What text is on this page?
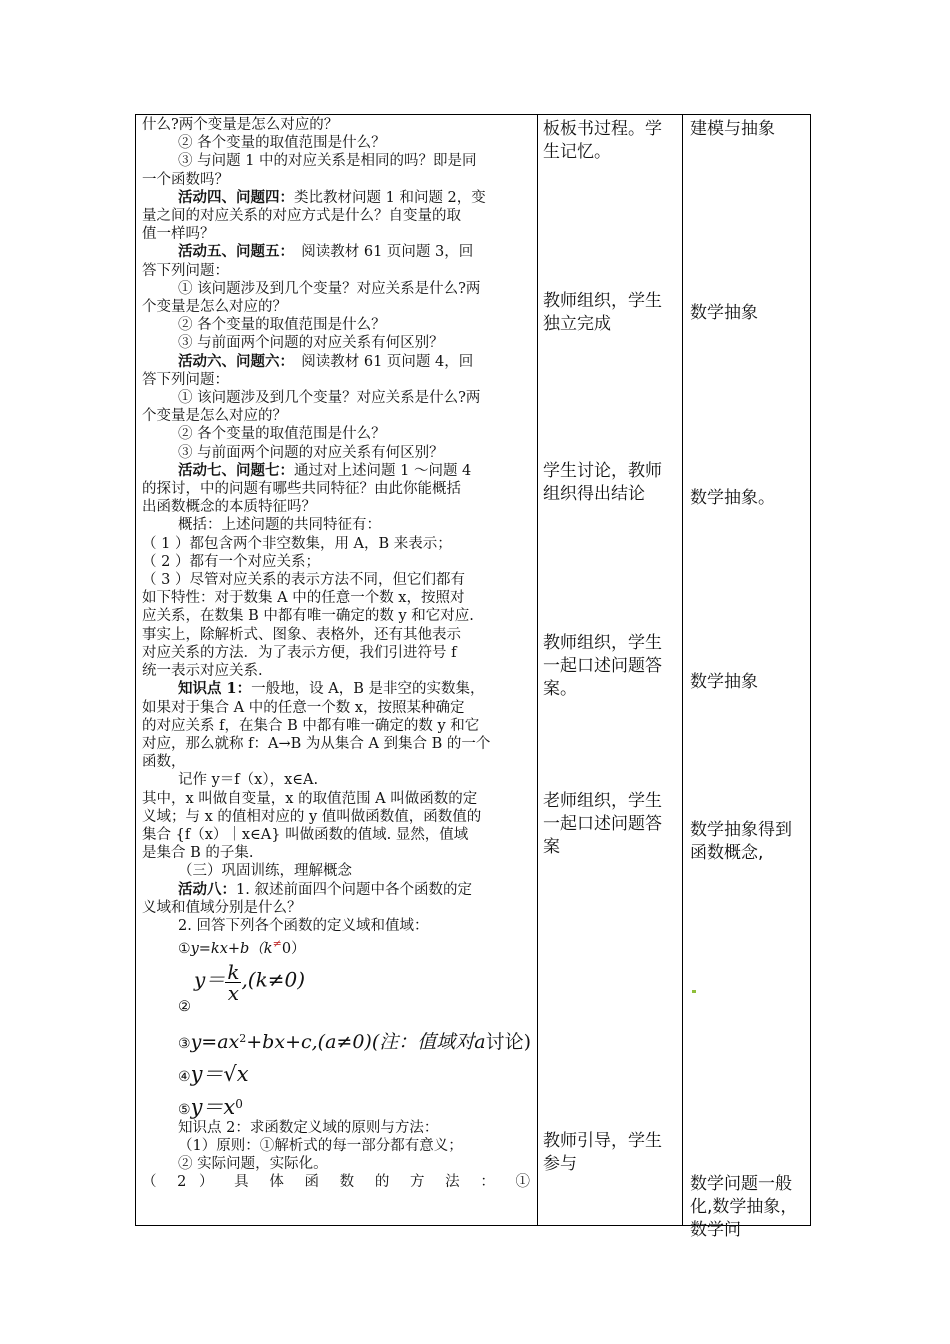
什么?两个变量是怎么对应的？

② 各个变量的取值范围是什么？

③ 与问题 1 中的对应关系是相同的吗？即是同

一个函数吗？

活动四、问题四：类比教材问题 1 和问题 2，变

量之间的对应关系的对应方式是什么？自变量的取

值一样吗？

活动五、问题五：　阅读教材 61 页问题 3，回

答下列问题：

① 该问题涉及到几个变量？对应关系是什么?两

个变量是怎么对应的？

② 各个变量的取值范围是什么？

③ 与前面两个问题的对应关系有何区别？

活动六、问题六：　阅读教材 61 页问题 4，回

答下列问题：

① 该问题涉及到几个变量？对应关系是什么?两

个变量是怎么对应的？

② 各个变量的取值范围是什么？

③ 与前面两个问题的对应关系有何区别？

活动七、问题七：通过对上述问题 1 ～问题 4

的探讨，中的问题有哪些共同特征？由此你能概括

出函数概念的本质特征吗？

概括：上述问题的共同特征有：

（ 1 ）都包含两个非空数集，用 A，B 来表示；

（ 2 ）都有一个对应关系；

（ 3 ）尽管对应关系的表示方法不同，但它们都有

如下特性：对于数集 A 中的任意一个数 x，按照对

应关系，在数集 B 中都有唯一确定的数 y 和它对应.

事实上，除解析式、图象、表格外，还有其他表示

对应关系的方法．为了表示方便，我们引进符号 f

统一表示对应关系.

知识点 1：一般地，设 A，B 是非空的实数集，

如果对于集合 A 中的任意一个数 x，按照某种确定

的对应关系 f，在集合 B 中都有唯一确定的数 y 和它

对应，那么就称 f：A→B 为从集合 A 到集合 B 的一个

函数，

记作 y＝f（x），x∈A.

其中，x 叫做自变量，x 的取值范围 A 叫做函数的定

义域；与 x 的值相对应的 y 值叫做函数值，函数值的

集合 {f（x）｜x∈A} 叫做函数的值域. 显然，值域

是集合 B 的子集.

（三）巩固训练，理解概念

活动八：1. 叙述前面四个问题中各个函数的定

义域和值域分别是什么？

2. 回答下列各个函数的定义域和值域：

①y=kx+b（k≠0）

$y= \frac{k}{x} ,(k\ne 0)$

②

$③y=ax^2+bx+c,(a\ne 0)$(注：值域对a讨论)

④y＝√x

$⑤y=x^0$

知识点 2：求函数定义域的原则与方法：

（1）原则：①解析式的每一部分都有意义；

② 实际问题，实际化。

（ 2 ） 具 体 函 数 的 方 法 ： ①

板板书过程。学生记忆。
教师组织，学生独立完成
学生讨论，教师组织得出结论
教师组织，学生一起口述问题答案。
老师组织，学生一起口述问题答案
教师引导，学生参与
建模与抽象
数学抽象
数学抽象。
数学抽象
数学抽象得到函数概念,
数学问题一般化,数学抽象，数学问
